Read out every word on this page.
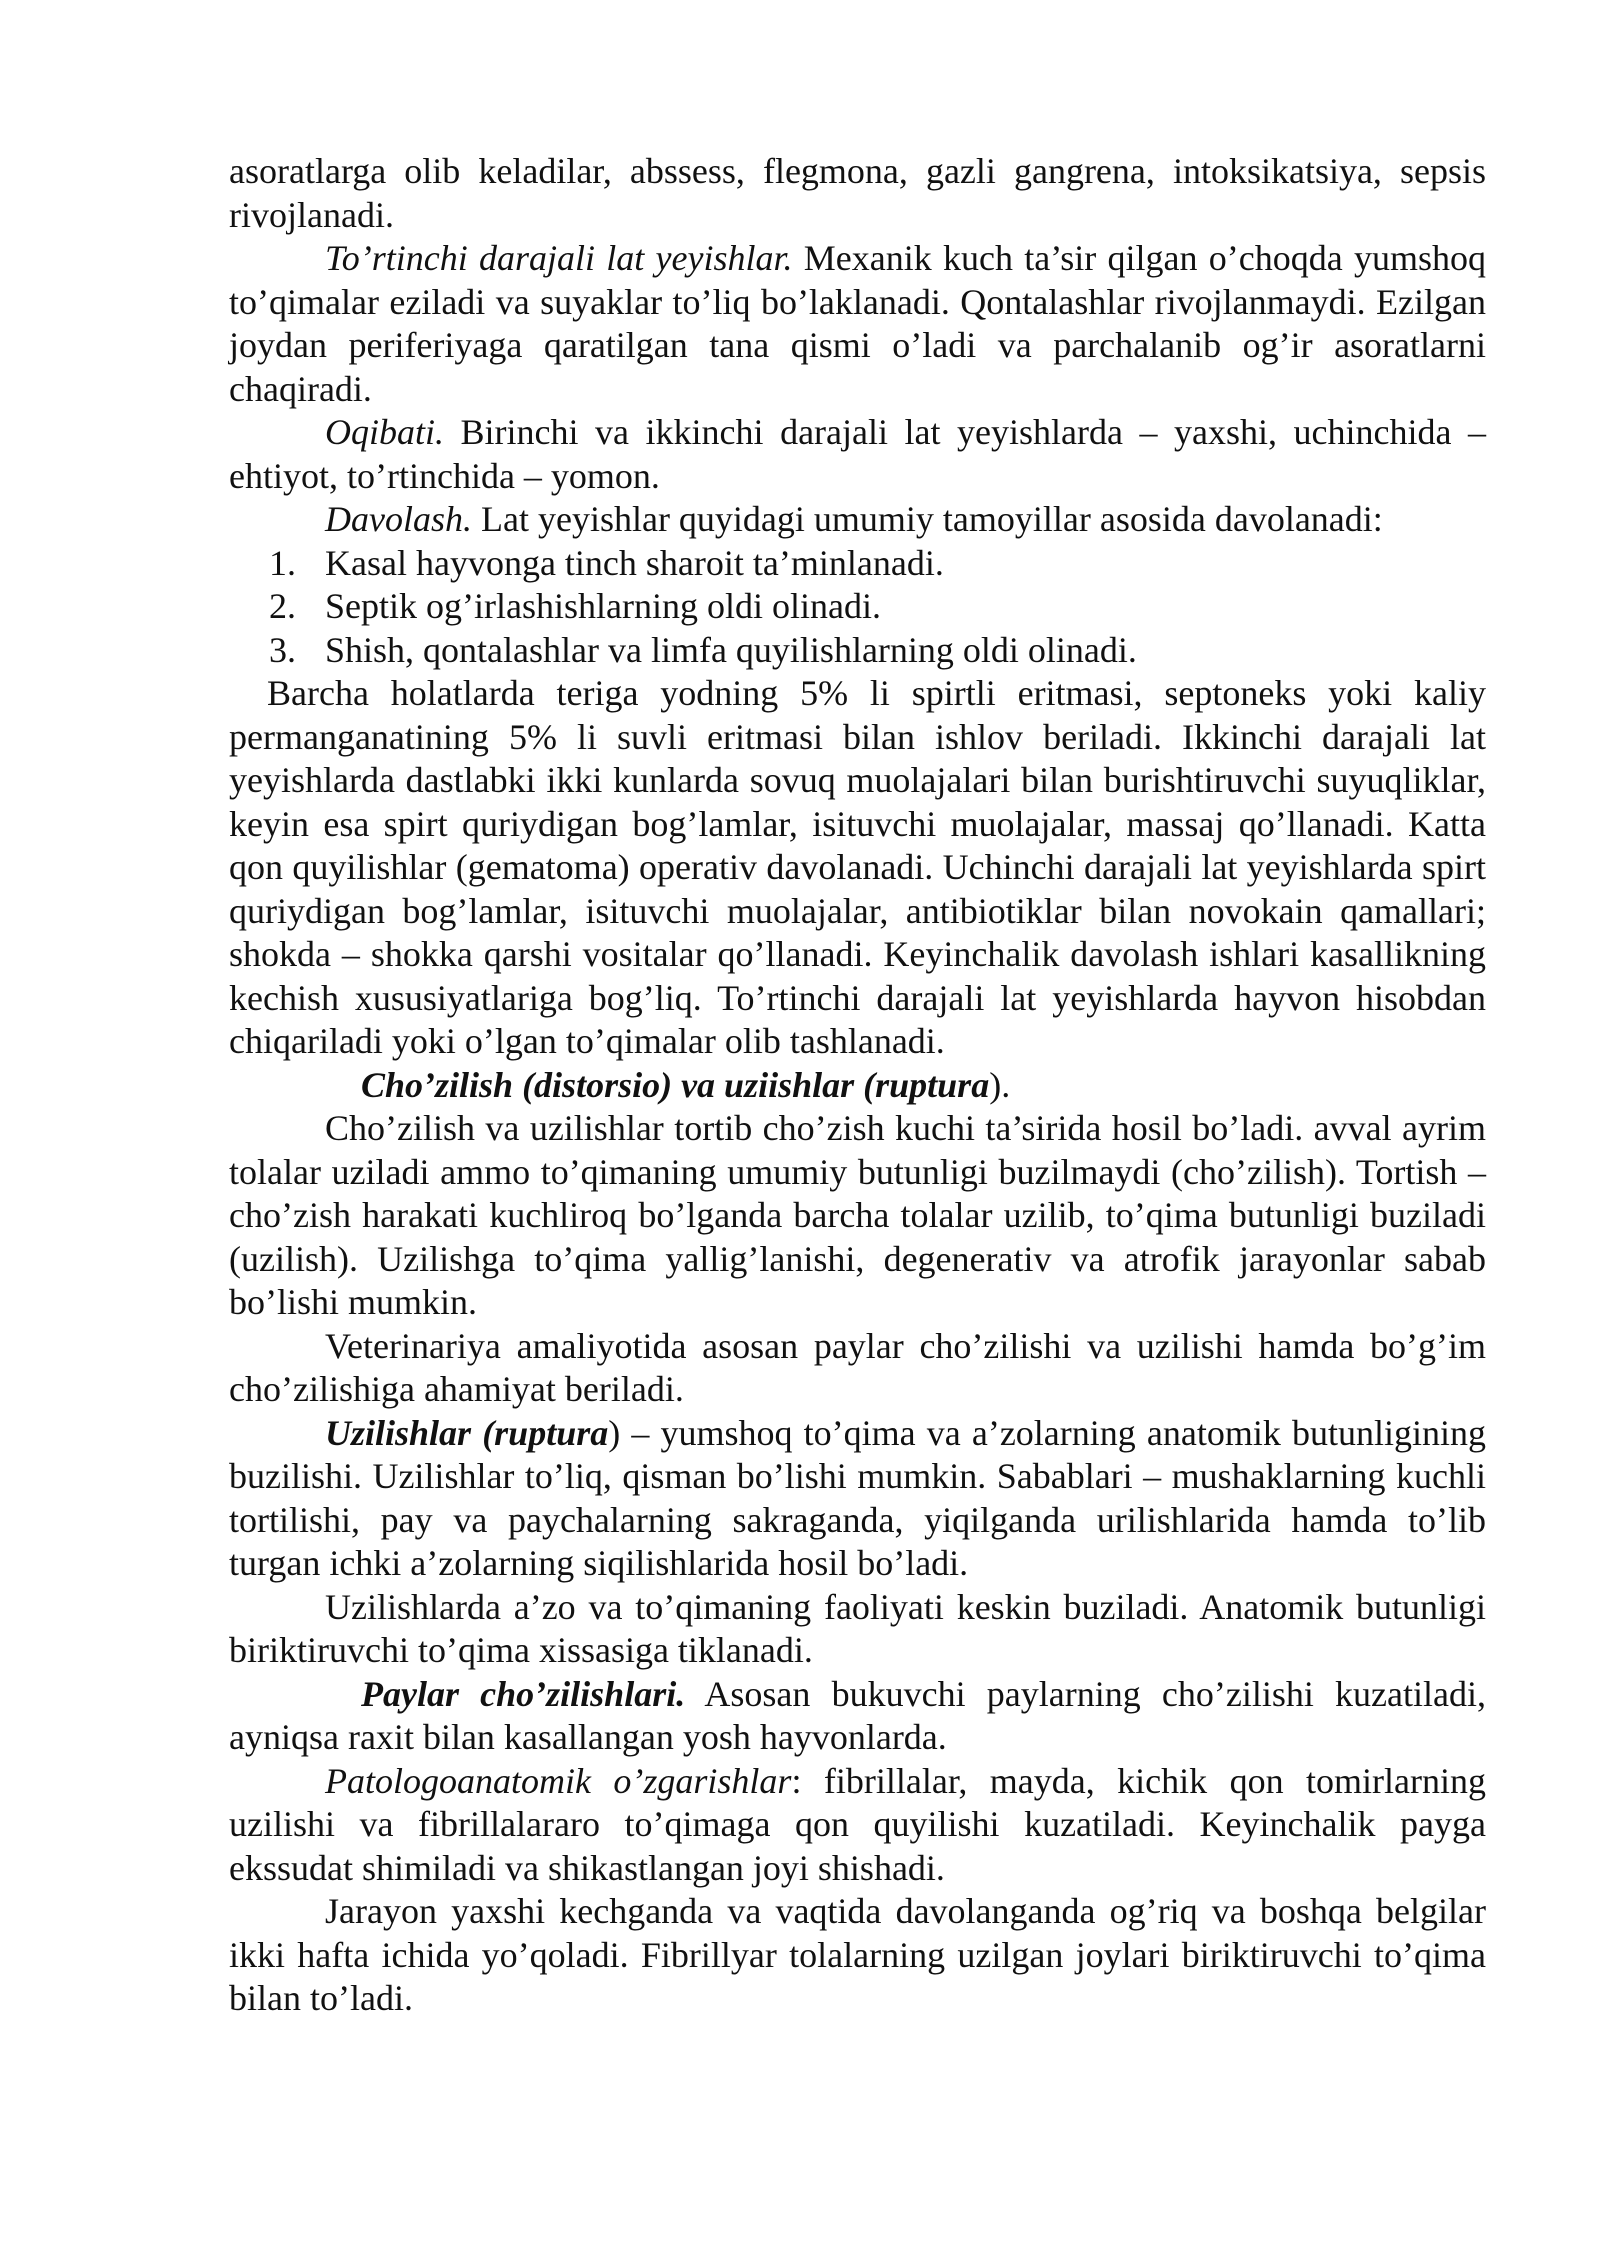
asoratlarga olib keladilar, abssess, flegmona, gazli gangrena, intoksikatsiya, sepsis rivojlanadi.

To’rtinchi darajali lat yeyishlar. Mexanik kuch ta’sir qilgan o’choqda yumshoq to’qimalar eziladi va suyaklar to’liq bo’laklanadi. Qontalashlar rivojlanmaydi. Ezilgan joydan periferiyaga qaratilgan tana qismi o’ladi va parchalanib og’ir asoratlarni chaqiradi.

Oqibati. Birinchi va ikkinchi darajali lat yeyishlarda – yaxshi, uchinchida – ehtiyot, to’rtinchida – yomon.

Davolash. Lat yeyishlar quyidagi umumiy tamoyillar asosida davolanadi:

1. Kasal hayvonga tinch sharoit ta’minlanadi.
2. Septik og’irlashishlarning oldi olinadi.
3. Shish, qontalashlar va limfa quyilishlarning oldi olinadi.

Barcha holatlarda teriga yodning 5% li spirtli eritmasi, septoneks yoki kaliy permanganatining 5% li suvli eritmasi bilan ishlov beriladi. Ikkinchi darajali lat yeyishlarda dastlabki ikki kunlarda sovuq muolajalari bilan burishtiruvchi suyuqliklar, keyin esa spirt quriydigan bog’lamlar, isituvchi muolajalar, massaj qo’llanadi. Katta qon quyilishlar (gematoma) operativ davolanadi. Uchinchi darajali lat yeyishlarda spirt quriydigan bog’lamlar, isituvchi muolajalar, antibiotiklar bilan novokain qamallari; shokda – shokka qarshi vositalar qo’llanadi. Keyinchalik davolash ishlari kasallikning kechish xususiyatlariga bog’liq. To’rtinchi darajali lat yeyishlarda hayvon hisobdan chiqariladi yoki o’lgan to’qimalar olib tashlanadi.

Cho’zilish (distorsio) va uziishlar (ruptura).

Cho’zilish va uzilishlar tortib cho’zish kuchi ta’sirida hosil bo’ladi. avval ayrim tolalar uziladi ammo to’qimaning umumiy butunligi buzilmaydi (cho’zilish). Tortish – cho’zish harakati kuchliroq bo’lganda barcha tolalar uzilib, to’qima butunligi buziladi (uzilish). Uzilishga to’qima yallig’lanishi, degenerativ va atrofik jarayonlar sabab bo’lishi mumkin.

Veterinariya amaliyotida asosan paylar cho’zilishi va uzilishi hamda bo’g’im cho’zilishiga ahamiyat beriladi.

Uzilishlar (ruptura) – yumshoq to’qima va a’zolarning anatomik butunligining buzilishi. Uzilishlar to’liq, qisman bo’lishi mumkin. Sabablari – mushaklarning kuchli tortilishi, pay va paychalarning sakraganda, yiqilganda urilishlarida hamda to’lib turgan ichki a’zolarning siqilishlarida hosil bo’ladi.

Uzilishlarda a’zo va to’qimaning faoliyati keskin buziladi. Anatomik butunligi biriktiruvchi to’qima xissasiga tiklanadi.

Paylar cho’zilishlari. Asosan bukuvchi paylarning cho’zilishi kuzatiladi, ayniqsa raxit bilan kasallangan yosh hayvonlarda.

Patologoanatomik o’zgarishlar: fibrillalar, mayda, kichik qon tomirlarning uzilishi va fibrillalararo to’qimaga qon quyilishi kuzatiladi. Keyinchalik payga ekssudat shimiladi va shikastlangan joyi shishadi.

Jarayon yaxshi kechganda va vaqtida davolanganda og’riq va boshqa belgilar ikki hafta ichida yo’qoladi. Fibrillyar tolalarning uzilgan joylari biriktiruvchi to’qima bilan to’ladi.
